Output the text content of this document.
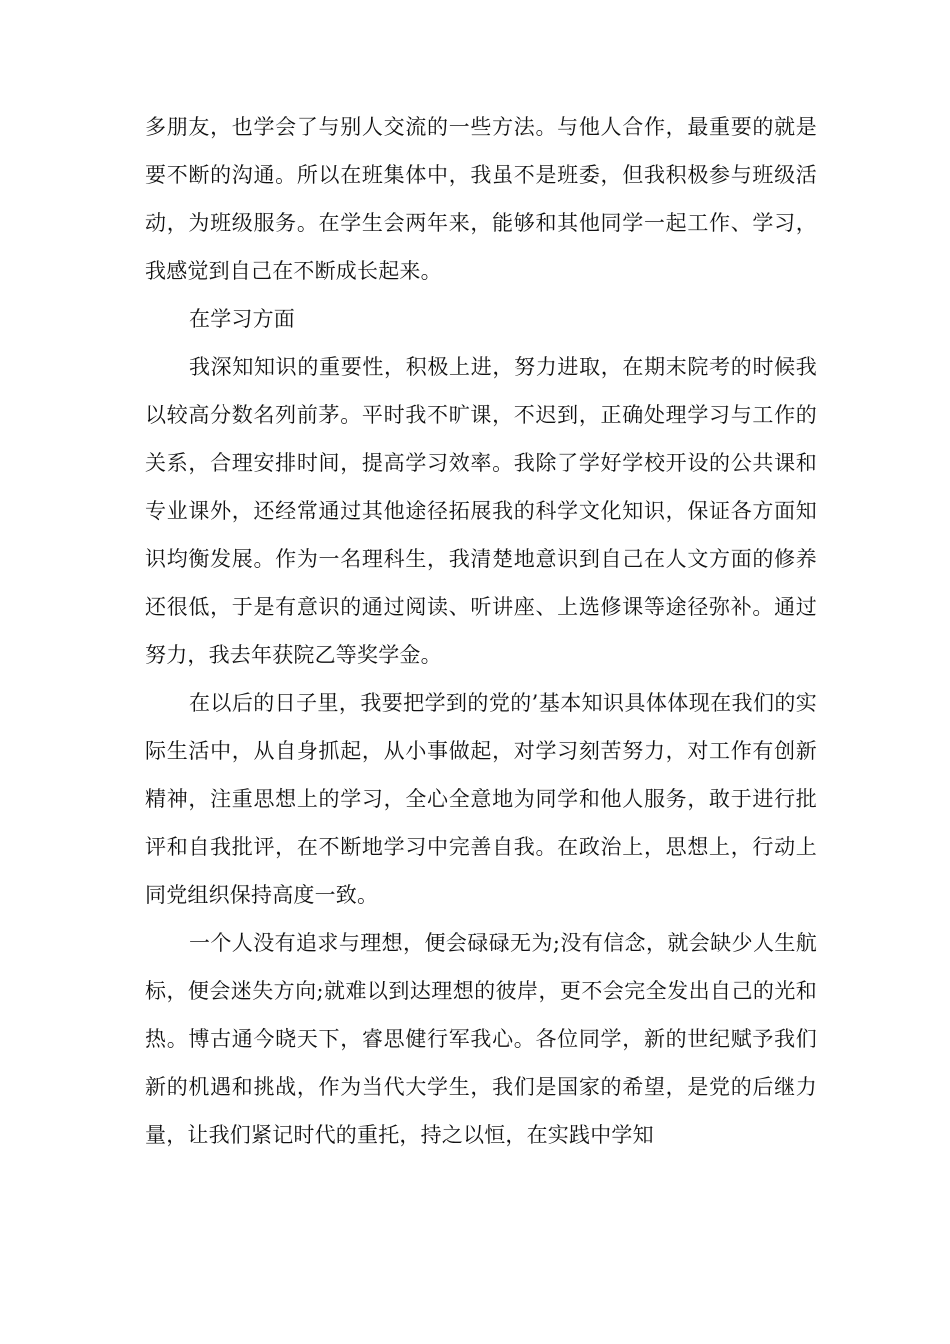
多朋友，也学会了与别人交流的一些方法。与他人合作，最重要的就是要不断的沟通。所以在班集体中，我虽不是班委，但我积极参与班级活动，为班级服务。在学生会两年来，能够和其他同学一起工作、学习，我感觉到自己在不断成长起来。

在学习方面

我深知知识的重要性，积极上进，努力进取，在期末院考的时候我以较高分数名列前茅。平时我不旷课，不迟到，正确处理学习与工作的关系，合理安排时间，提高学习效率。我除了学好学校开设的公共课和专业课外，还经常通过其他途径拓展我的科学文化知识，保证各方面知识均衡发展。作为一名理科生，我清楚地意识到自己在人文方面的修养还很低，于是有意识的通过阅读、听讲座、上选修课等途径弥补。通过努力，我去年获院乙等奖学金。

在以后的日子里，我要把学到的党的’基本知识具体体现在我们的实际生活中，从自身抓起，从小事做起，对学习刻苦努力，对工作有创新精神，注重思想上的学习，全心全意地为同学和他人服务，敢于进行批评和自我批评，在不断地学习中完善自我。在政治上，思想上，行动上同党组织保持高度一致。

一个人没有追求与理想，便会碌碌无为;没有信念，就会缺少人生航标，便会迷失方向;就难以到达理想的彼岸，更不会完全发出自己的光和热。博古通今晓天下，睿思健行军我心。各位同学，新的世纪赋予我们新的机遇和挑战，作为当代大学生，我们是国家的希望，是党的后继力量，让我们紧记时代的重托，持之以恒，在实践中学知
